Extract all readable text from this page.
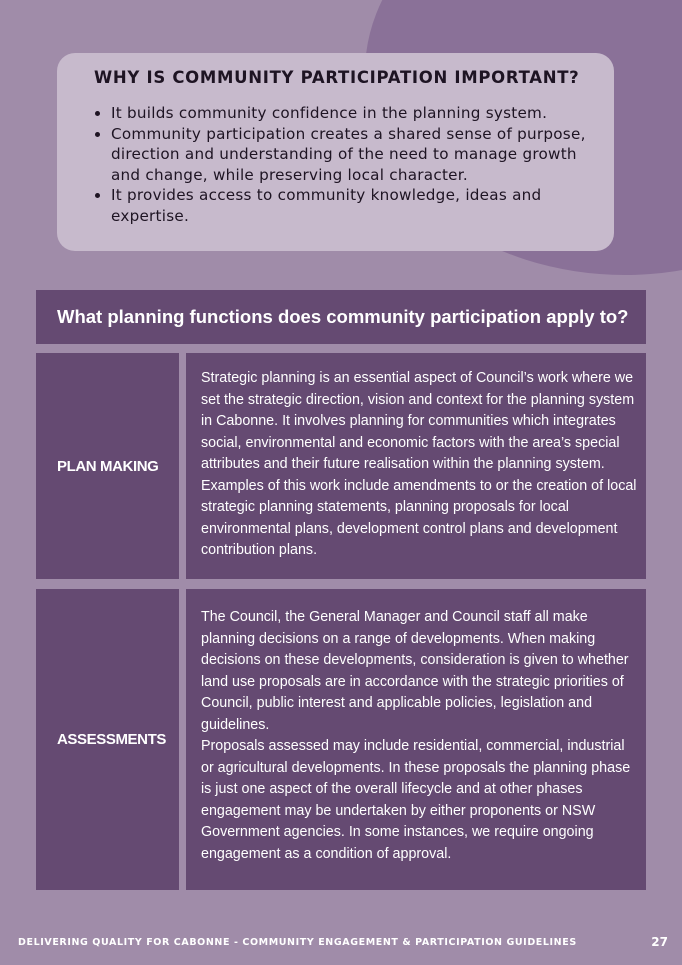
WHY IS COMMUNITY PARTICIPATION IMPORTANT?
• It builds community confidence in the planning system.
• Community participation creates a shared sense of purpose, direction and understanding of the need to manage growth and change, while preserving local character.
• It provides access to community knowledge, ideas and expertise.
What planning functions does community participation apply to?
PLAN MAKING

Strategic planning is an essential aspect of Council’s work where we set the strategic direction, vision and context for the planning system in Cabonne. It involves planning for communities which integrates social, environmental and economic factors with the area’s special attributes and their future realisation within the planning system. Examples of this work include amendments to or the creation of local strategic planning statements, planning proposals for local environmental plans, development control plans and development contribution plans.

ASSESSMENTS

The Council, the General Manager and Council staff all make planning decisions on a range of developments. When making decisions on these developments, consideration is given to whether land use proposals are in accordance with the strategic priorities of Council, public interest and applicable policies, legislation and guidelines.

Proposals assessed may include residential, commercial, industrial or agricultural developments. In these proposals the planning phase is just one aspect of the overall lifecycle and at other phases engagement may be undertaken by either proponents or NSW Government agencies. In some instances, we require ongoing engagement as a condition of approval.

DELIVERING QUALITY FOR CABONNE - COMMUNITY ENGAGEMENT & PARTICIPATION GUIDELINES	27
